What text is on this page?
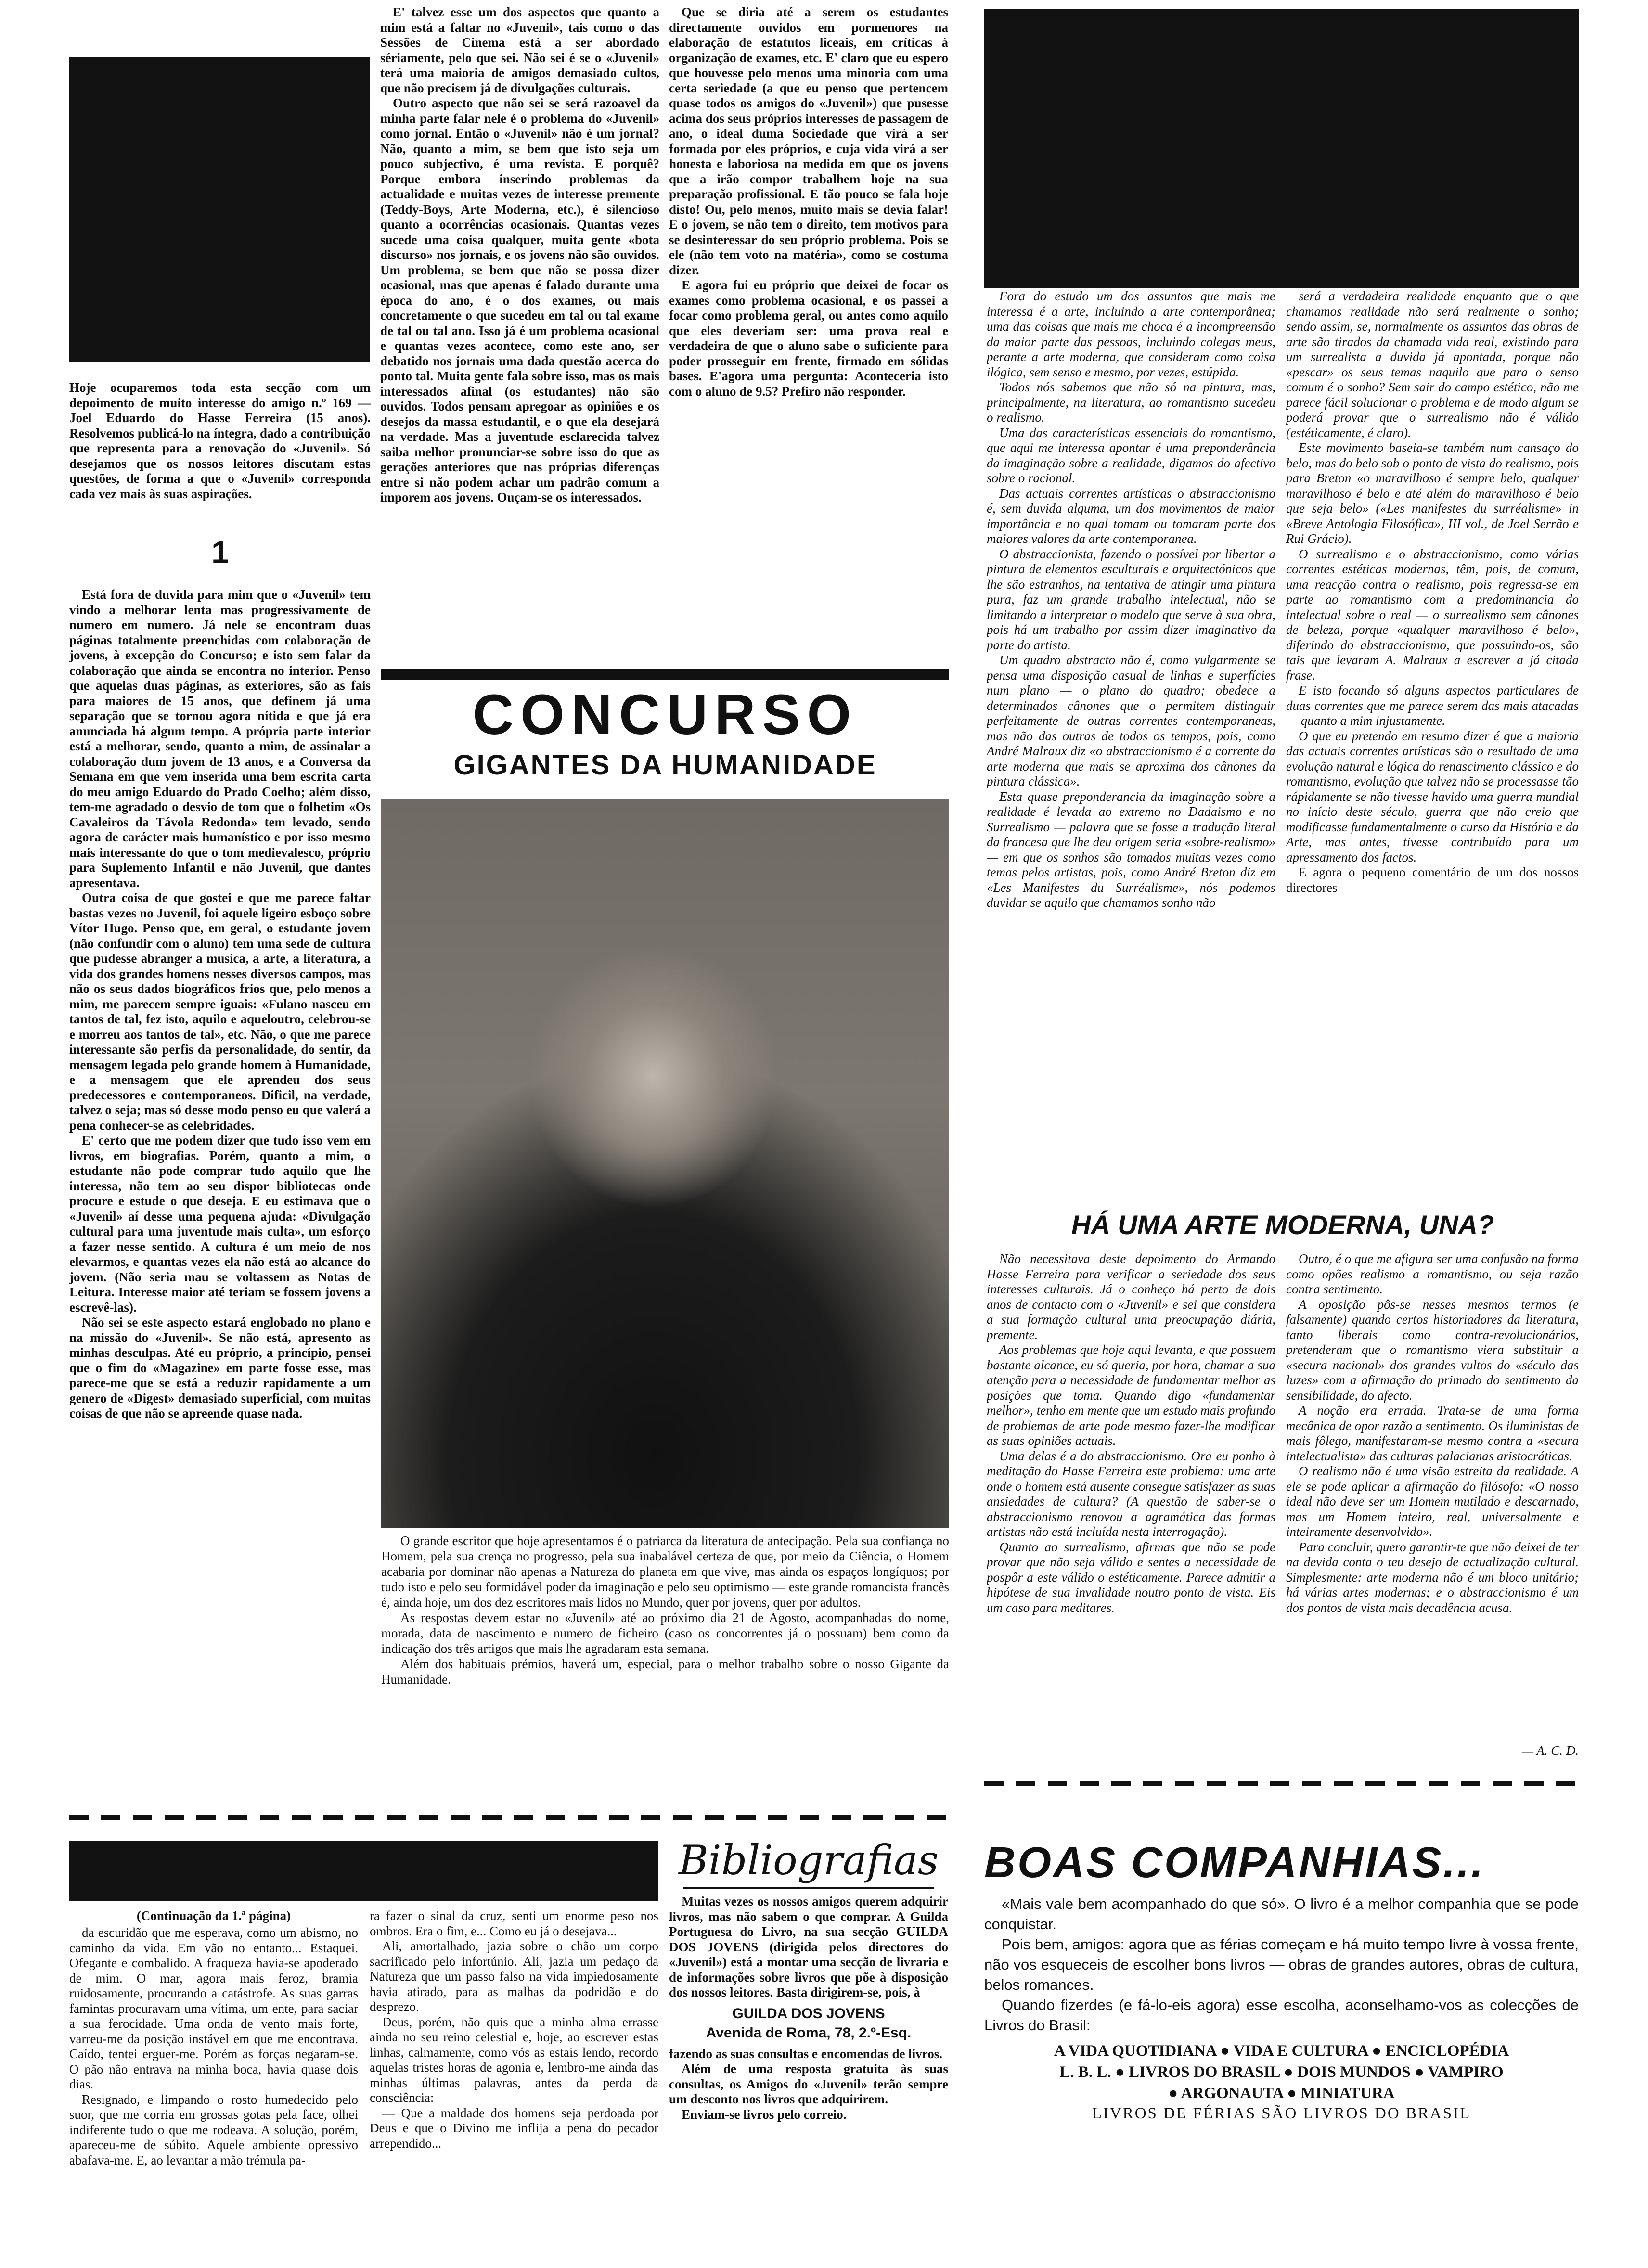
Hoje ocuparemos toda esta secção com um depoimento de muito interesse do amigo n.º 169 — Joel Eduardo do Hasse Ferreira (15 anos). Resolvemos publicá-lo na íntegra, dado a contribuição que representa para a renovação do «Juvenil». Só desejamos que os nossos leitores discutam estas questões, de forma a que o «Juvenil» corresponda cada vez mais às suas aspirações.
1

Está fora de duvida para mim que o «Juvenil» tem vindo a melhorar lenta mas progressivamente de numero em numero. Já nele se encontram duas páginas totalmente preenchidas com colaboração de jovens, à excepção do Concurso; e isto sem falar da colaboração que ainda se encontra no interior. Penso que aquelas duas páginas, as exteriores, são as fais para maiores de 15 anos, que definem já uma separação que se tornou agora nítida e que já era anunciada há algum tempo. A própria parte interior está a melhorar, sendo, quanto a mim, de assinalar a colaboração dum jovem de 13 anos, e a Conversa da Semana em que vem inserida uma bem escrita carta do meu amigo Eduardo do Prado Coelho; além disso, tem-me agradado o desvio de tom que o folhetim «Os Cavaleiros da Távola Redonda» tem levado, sendo agora de carácter mais humanístico e por isso mesmo mais interessante do que o tom medievalesco, próprio para Suplemento Infantil e não Juvenil, que dantes apresentava.

Outra coisa de que gostei e que me parece faltar bastas vezes no Juvenil, foi aquele ligeiro esboço sobre Vítor Hugo. Penso que, em geral, o estudante jovem (não confundir com o aluno) tem uma sede de cultura que pudesse abranger a musica, a arte, a literatura, a vida dos grandes homens nesses diversos campos, mas não os seus dados biográficos frios que, pelo menos a mim, me parecem sempre iguais: «Fulano nasceu em tantos de tal, fez isto, aquilo e aqueloutro, celebrou-se e morreu aos tantos de tal», etc. Não, o que me parece interessante são perfis da personalidade, do sentir, da mensagem legada pelo grande homem à Humanidade, e a mensagem que ele aprendeu dos seus predecessores e contemporaneos. Dificil, na verdade, talvez o seja; mas só desse modo penso eu que valerá a pena conhecer-se as celebridades.

E' certo que me podem dizer que tudo isso vem em livros, em biografias. Porém, quanto a mim, o estudante não pode comprar tudo aquilo que lhe interessa, não tem ao seu dispor bibliotecas onde procure e estude o que deseja. E eu estimava que o «Juvenil» aí desse uma pequena ajuda: «Divulgação cultural para uma juventude mais culta», um esforço a fazer nesse sentido. A cultura é um meio de nos elevarmos, e quantas vezes ela não está ao alcance do jovem. (Não seria mau se voltassem as Notas de Leitura. Interesse maior até teriam se fossem jovens a escrevê-las).

Não sei se este aspecto estará englobado no plano e na missão do «Juvenil». Se não está, apresento as minhas desculpas. Até eu próprio, a princípio, pensei que o fim do «Magazine» em parte fosse esse, mas parece-me que se está a reduzir rapidamente a um genero de «Digest» demasiado superficial, com muitas coisas de que não se apreende quase nada.

E' talvez esse um dos aspectos que quanto a mim está a faltar no «Juvenil», tais como o das Sessões de Cinema está a ser abordado sériamente, pelo que sei. Não sei é se o «Juvenil» terá uma maioria de amigos demasiado cultos, que não precisem já de divulgações culturais.

Outro aspecto que não sei se será razoavel da minha parte falar nele é o problema do «Juvenil» como jornal. Então o «Juvenil» não é um jornal? Não, quanto a mim, se bem que isto seja um pouco subjectivo, é uma revista. E porquê? Porque embora inserindo problemas da actualidade e muitas vezes de interesse premente (Teddy-Boys, Arte Moderna, etc.), é silencioso quanto a ocorrências ocasionais. Quantas vezes sucede uma coisa qualquer, muita gente «bota discurso» nos jornais, e os jovens não são ouvidos. Um problema, se bem que não se possa dizer ocasional, mas que apenas é falado durante uma época do ano, é o dos exames, ou mais concretamente o que sucedeu em tal ou tal exame de tal ou tal ano. Isso já é um problema ocasional e quantas vezes acontece, como este ano, ser debatido nos jornais uma dada questão acerca do ponto tal. Muita gente fala sobre isso, mas os mais interessados afinal (os estudantes) não são ouvidos. Todos pensam apregoar as opiniões e os desejos da massa estudantil, e o que ela desejará na verdade. Mas a juventude esclarecida talvez saiba melhor pronunciar-se sobre isso do que as gerações anteriores que nas próprias diferenças entre si não podem achar um padrão comum a imporem aos jovens. Ouçam-se os interessados.

Que se diria até a serem os estudantes directamente ouvidos em pormenores na elaboração de estatutos liceais, em críticas à organização de exames, etc. E' claro que eu espero que houvesse pelo menos uma minoria com uma certa seriedade (a que eu penso que pertencem quase todos os amigos do «Juvenil») que pusesse acima dos seus próprios interesses de passagem de ano, o ideal duma Sociedade que virá a ser formada por eles próprios, e cuja vida virá a ser honesta e laboriosa na medida em que os jovens que a irão compor trabalhem hoje na sua preparação profissional. E tão pouco se fala hoje disto! Ou, pelo menos, muito mais se devia falar! E o jovem, se não tem o direito, tem motivos para se desinteressar do seu próprio problema. Pois se ele (não tem voto na matéria», como se costuma dizer.

E agora fui eu próprio que deixei de focar os exames como problema ocasional, e os passei a focar como problema geral, ou antes como aquilo que eles deveriam ser: uma prova real e verdadeira de que o aluno sabe o suficiente para poder prosseguir em frente, firmado em sólidas bases. E'agora uma pergunta: Aconteceria isto com o aluno de 9.5? Prefiro não responder.

CONCURSO
GIGANTES DA HUMANIDADE
O grande escritor que hoje apresentamos é o patriarca da literatura de antecipação. Pela sua confiança no Homem, pela sua crença no progresso, pela sua inabalável certeza de que, por meio da Ciência, o Homem acabaria por dominar não apenas a Natureza do planeta em que vive, mas ainda os espaços longíquos; por tudo isto e pelo seu formidável poder da imaginação e pelo seu optimismo — este grande romancista francês é, ainda hoje, um dos dez escritores mais lidos no Mundo, quer por jovens, quer por adultos.
As respostas devem estar no «Juvenil» até ao próximo dia 21 de Agosto, acompanhadas do nome, morada, data de nascimento e numero de ficheiro (caso os concorrentes já o possuam) bem como da indicação dos três artigos que mais lhe agradaram esta semana.
Além dos habituais prémios, haverá um, especial, para o melhor trabalho sobre o nosso Gigante da Humanidade.

Fora do estudo um dos assuntos que mais me interessa é a arte, incluindo a arte contemporânea; uma das coisas que mais me choca é a incompreensão da maior parte das pessoas, incluindo colegas meus, perante a arte moderna, que consideram como coisa ilógica, sem senso e mesmo, por vezes, estúpida.

Todos nós sabemos que não só na pintura, mas, principalmente, na literatura, ao romantismo sucedeu o realismo.

Uma das características essenciais do romantismo, que aqui me interessa apontar é uma preponderância da imaginação sobre a realidade, digamos do afectivo sobre o racional.

Das actuais correntes artísticas o abstraccionismo é, sem duvida alguma, um dos movimentos de maior importância e no qual tomam ou tomaram parte dos maiores valores da arte contemporanea.

O abstraccionista, fazendo o possível por libertar a pintura de elementos esculturais e arquitectónicos que lhe são estranhos, na tentativa de atingir uma pintura pura, faz um grande trabalho intelectual, não se limitando a interpretar o modelo que serve à sua obra, pois há um trabalho por assim dizer imaginativo da parte do artista.

Um quadro abstracto não é, como vulgarmente se pensa uma disposição casual de linhas e superfícies num plano — o plano do quadro; obedece a determinados cânones que o permitem distinguir perfeitamente de outras correntes contemporaneas, mas não das outras de todos os tempos, pois, como André Malraux diz «o abstraccionismo é a corrente da arte moderna que mais se aproxima dos cânones da pintura clássica».

Esta quase preponderancia da imaginação sobre a realidade é levada ao extremo no Dadaismo e no Surrealismo — palavra que se fosse a tradução literal da francesa que lhe deu origem seria «sobre-realismo» — em que os sonhos são tomados muitas vezes como temas pelos artistas, pois, como André Breton diz em «Les Manifestes du Surréalisme», nós podemos duvidar se aquilo que chamamos sonho não

será a verdadeira realidade enquanto que o que chamamos realidade não será realmente o sonho; sendo assim, se, normalmente os assuntos das obras de arte são tirados da chamada vida real, existindo para um surrealista a duvida já apontada, porque não «pescar» os seus temas naquilo que para o senso comum é o sonho? Sem sair do campo estético, não me parece fácil solucionar o problema e de modo algum se poderá provar que o surrealismo não é válido (estéticamente, é claro).

Este movimento baseia-se também num cansaço do belo, mas do belo sob o ponto de vista do realismo, pois para Breton «o maravilhoso é sempre belo, qualquer maravilhoso é belo e até além do maravilhoso é belo que seja belo» («Les manifestes du surréalisme» in «Breve Antologia Filosófica», III vol., de Joel Serrão e Rui Grácio).

O surrealismo e o abstraccionismo, como várias correntes estéticas modernas, têm, pois, de comum, uma reacção contra o realismo, pois regressa-se em parte ao romantismo com a predominancia do intelectual sobre o real — o surrealismo sem cânones de beleza, porque «qualquer maravilhoso é belo», diferindo do abstraccionismo, que possuindo-os, são tais que levaram A. Malraux a escrever a já citada frase.

E isto focando só alguns aspectos particulares de duas correntes que me parece serem das mais atacadas — quanto a mim injustamente.

O que eu pretendo em resumo dizer é que a maioria das actuais correntes artísticas são o resultado de uma evolução natural e lógica do renascimento clássico e do romantismo, evolução que talvez não se processasse tão rápidamente se não tivesse havido uma guerra mundial no início deste século, guerra que não creio que modificasse fundamentalmente o curso da História e da Arte, mas antes, tivesse contribuído para um apressamento dos factos.

E agora o pequeno comentário de um dos nossos directores

HÁ UMA ARTE MODERNA, UNA?

Não necessitava deste depoimento do Armando Hasse Ferreira para verificar a seriedade dos seus interesses culturais. Já o conheço há perto de dois anos de contacto com o «Juvenil» e sei que considera a sua formação cultural uma preocupação diária, premente.

Aos problemas que hoje aqui levanta, e que possuem bastante alcance, eu só queria, por hora, chamar a sua atenção para a necessidade de fundamentar melhor as posições que toma. Quando digo «fundamentar melhor», tenho em mente que um estudo mais profundo de problemas de arte pode mesmo fazer-lhe modificar as suas opiniões actuais.

Uma delas é a do abstraccionismo. Ora eu ponho à meditação do Hasse Ferreira este problema: uma arte onde o homem está ausente consegue satisfazer as suas ansiedades de cultura? (A questão de saber-se o abstraccionismo renovou a agramática das formas artistas não está incluída nesta interrogação).

Quanto ao surrealismo, afirmas que não se pode provar que não seja válido e sentes a necessidade de pospôr a este válido o estéticamente. Parece admitir a hipótese de sua invalidade noutro ponto de vista. Eis um caso para meditares.

Outro, é o que me afigura ser uma confusão na forma como opões realismo a romantismo, ou seja razão contra sentimento.

A oposição pôs-se nesses mesmos termos (e falsamente) quando certos historiadores da literatura, tanto liberais como contra-revolucionários, pretenderam que o romantismo viera substituir a «secura nacional» dos grandes vultos do «século das luzes» com a afirmação do primado do sentimento da sensibilidade, do afecto.

A noção era errada. Trata-se de uma forma mecânica de opor razão a sentimento. Os iluministas de mais fôlego, manifestaram-se mesmo contra a «secura intelectualista» das culturas palacianas aristocráticas.

O realismo não é uma visão estreita da realidade. A ele se pode aplicar a afirmação do filósofo: «O nosso ideal não deve ser um Homem mutilado e descarnado, mas um Homem inteiro, real, universalmente e inteiramente desenvolvido».

Para concluir, quero garantir-te que não deixei de ter na devida conta o teu desejo de actualização cultural. Simplesmente: arte moderna não é um bloco unitário; há várias artes modernas; e o abstraccionismo é um dos pontos de vista mais decadência acusa.

— A. C. D.
(Continuação da 1.ª página)

da escuridão que me esperava, como um abismo, no caminho da vida. Em vão no entanto... Estaquei. Ofegante e combalido. A fraqueza havia-se apoderado de mim. O mar, agora mais feroz, bramia ruidosamente, procurando a catástrofe. As suas garras famintas procuravam uma vítima, um ente, para saciar a sua ferocidade. Uma onda de vento mais forte, varreu-me da posição instável em que me encontrava. Caído, tentei erguer-me. Porém as forças negaram-se. O pão não entrava na minha boca, havia quase dois dias.

Resignado, e limpando o rosto humedecido pelo suor, que me corria em grossas gotas pela face, olhei indiferente tudo o que me rodeava. A solução, porém, apareceu-me de súbito. Aquele ambiente opressivo abafava-me. E, ao levantar a mão trémula pa-

ra fazer o sinal da cruz, senti um enorme peso nos ombros. Era o fim, e... Como eu já o desejava...

Ali, amortalhado, jazia sobre o chão um corpo sacrificado pelo infortúnio. Ali, jazia um pedaço da Natureza que um passo falso na vida impiedosamente havia atirado, para as malhas da podridão e do desprezo.

Deus, porém, não quis que a minha alma errasse ainda no seu reino celestial e, hoje, ao escrever estas linhas, calmamente, como vós as estais lendo, recordo aquelas tristes horas de agonia e, lembro-me ainda das minhas últimas palavras, antes da perda da consciência:

— Que a maldade dos homens seja perdoada por Deus e que o Divino me inflija a pena do pecador arrependido...

Bibliografias

Muitas vezes os nossos amigos querem adquirir livros, mas não sabem o que comprar. A Guilda Portuguesa do Livro, na sua secção GUILDA DOS JOVENS (dirigida pelos directores do «Juvenil») está a montar uma secção de livraria e de informações sobre livros que põe à disposição dos nossos leitores. Basta dirigirem-se, pois, à

GUILDA DOS JOVENS
Avenida de Roma, 78, 2.º-Esq.

fazendo as suas consultas e encomendas de livros.

Além de uma resposta gratuita às suas consultas, os Amigos do «Juvenil» terão sempre um desconto nos livros que adquirirem.

Enviam-se livros pelo correio.

BOAS COMPANHIAS...
«Mais vale bem acompanhado do que só». O livro é a melhor companhia que se pode conquistar.
Pois bem, amigos: agora que as férias começam e há muito tempo livre à vossa frente, não vos esqueceis de escolher bons livros — obras de grandes autores, obras de cultura, belos romances.
Quando fizerdes (e fá-lo-eis agora) esse escolha, aconselhamo-vos as colecções de Livros do Brasil:
A VIDA QUOTIDIANA ● VIDA E CULTURA ● ENCICLOPÉDIA
L. B. L. ● LIVROS DO BRASIL ● DOIS MUNDOS ● VAMPIRO
● ARGONAUTA ● MINIATURA
LIVROS DE FÉRIAS SÃO LIVROS DO BRASIL
